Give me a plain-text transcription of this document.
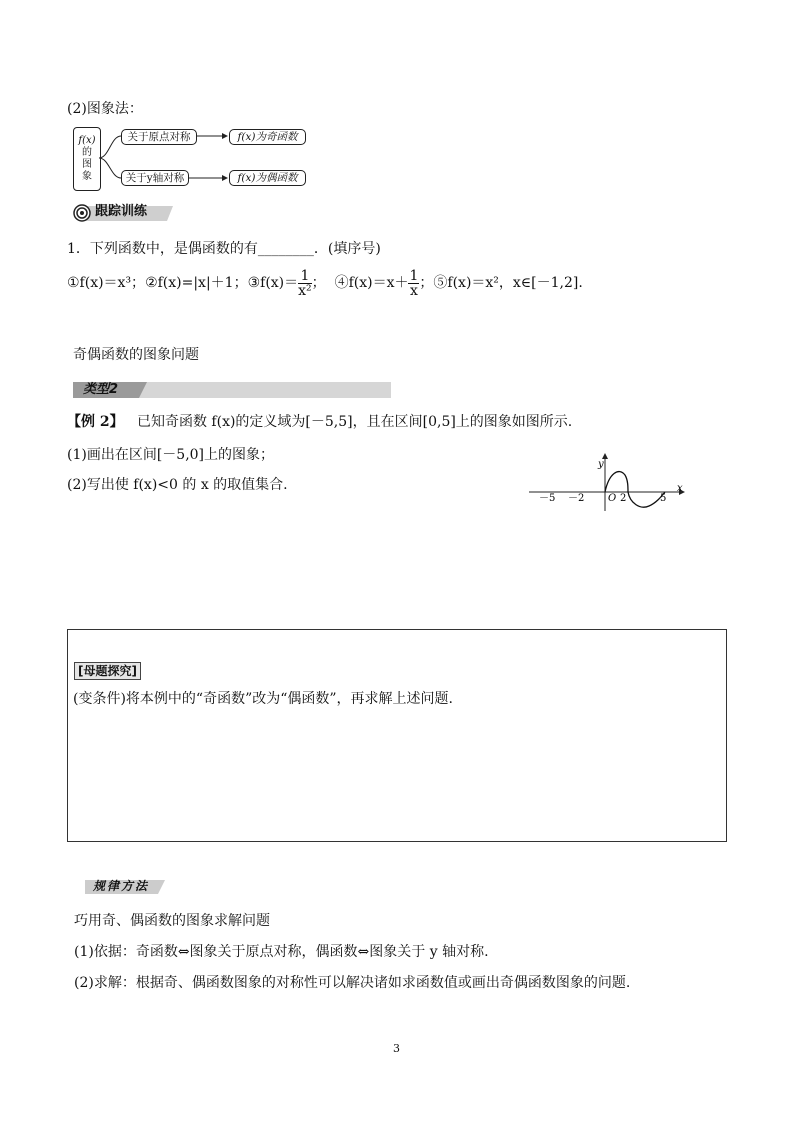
(2)图象法：
f(x)
的
图
象
关于原点对称	f(x)为奇函数
关于y轴对称	f(x)为偶函数
跟踪训练
1．下列函数中，是偶函数的有________．(填序号)
①f(x)＝x³；②f(x)=|x|＋1；③f(x)＝ $\frac{1}{\text{x²}}$ ； ④f(x)＝x＋ $\frac{1}{x}$ ；⑤f(x)＝x²，x∈[－1,2].
奇偶函数的图象问题
类型2
【例 2】 已知奇函数 f(x)的定义域为[－5,5]，且在区间[0,5]上的图象如图所示.
(1)画出在区间[－5,0]上的图象；
(2)写出使 f(x)<0 的 x 的取值集合.
y
x
O
－5 －2	2	5
[母题探究]
(变条件)将本例中的“奇函数”改为“偶函数”，再求解上述问题.
规律方法
巧用奇、偶函数的图象求解问题
(1)依据：奇函数⇔图象关于原点对称，偶函数⇔图象关于 y 轴对称.
(2)求解：根据奇、偶函数图象的对称性可以解决诸如求函数值或画出奇偶函数图象的问题.
3
